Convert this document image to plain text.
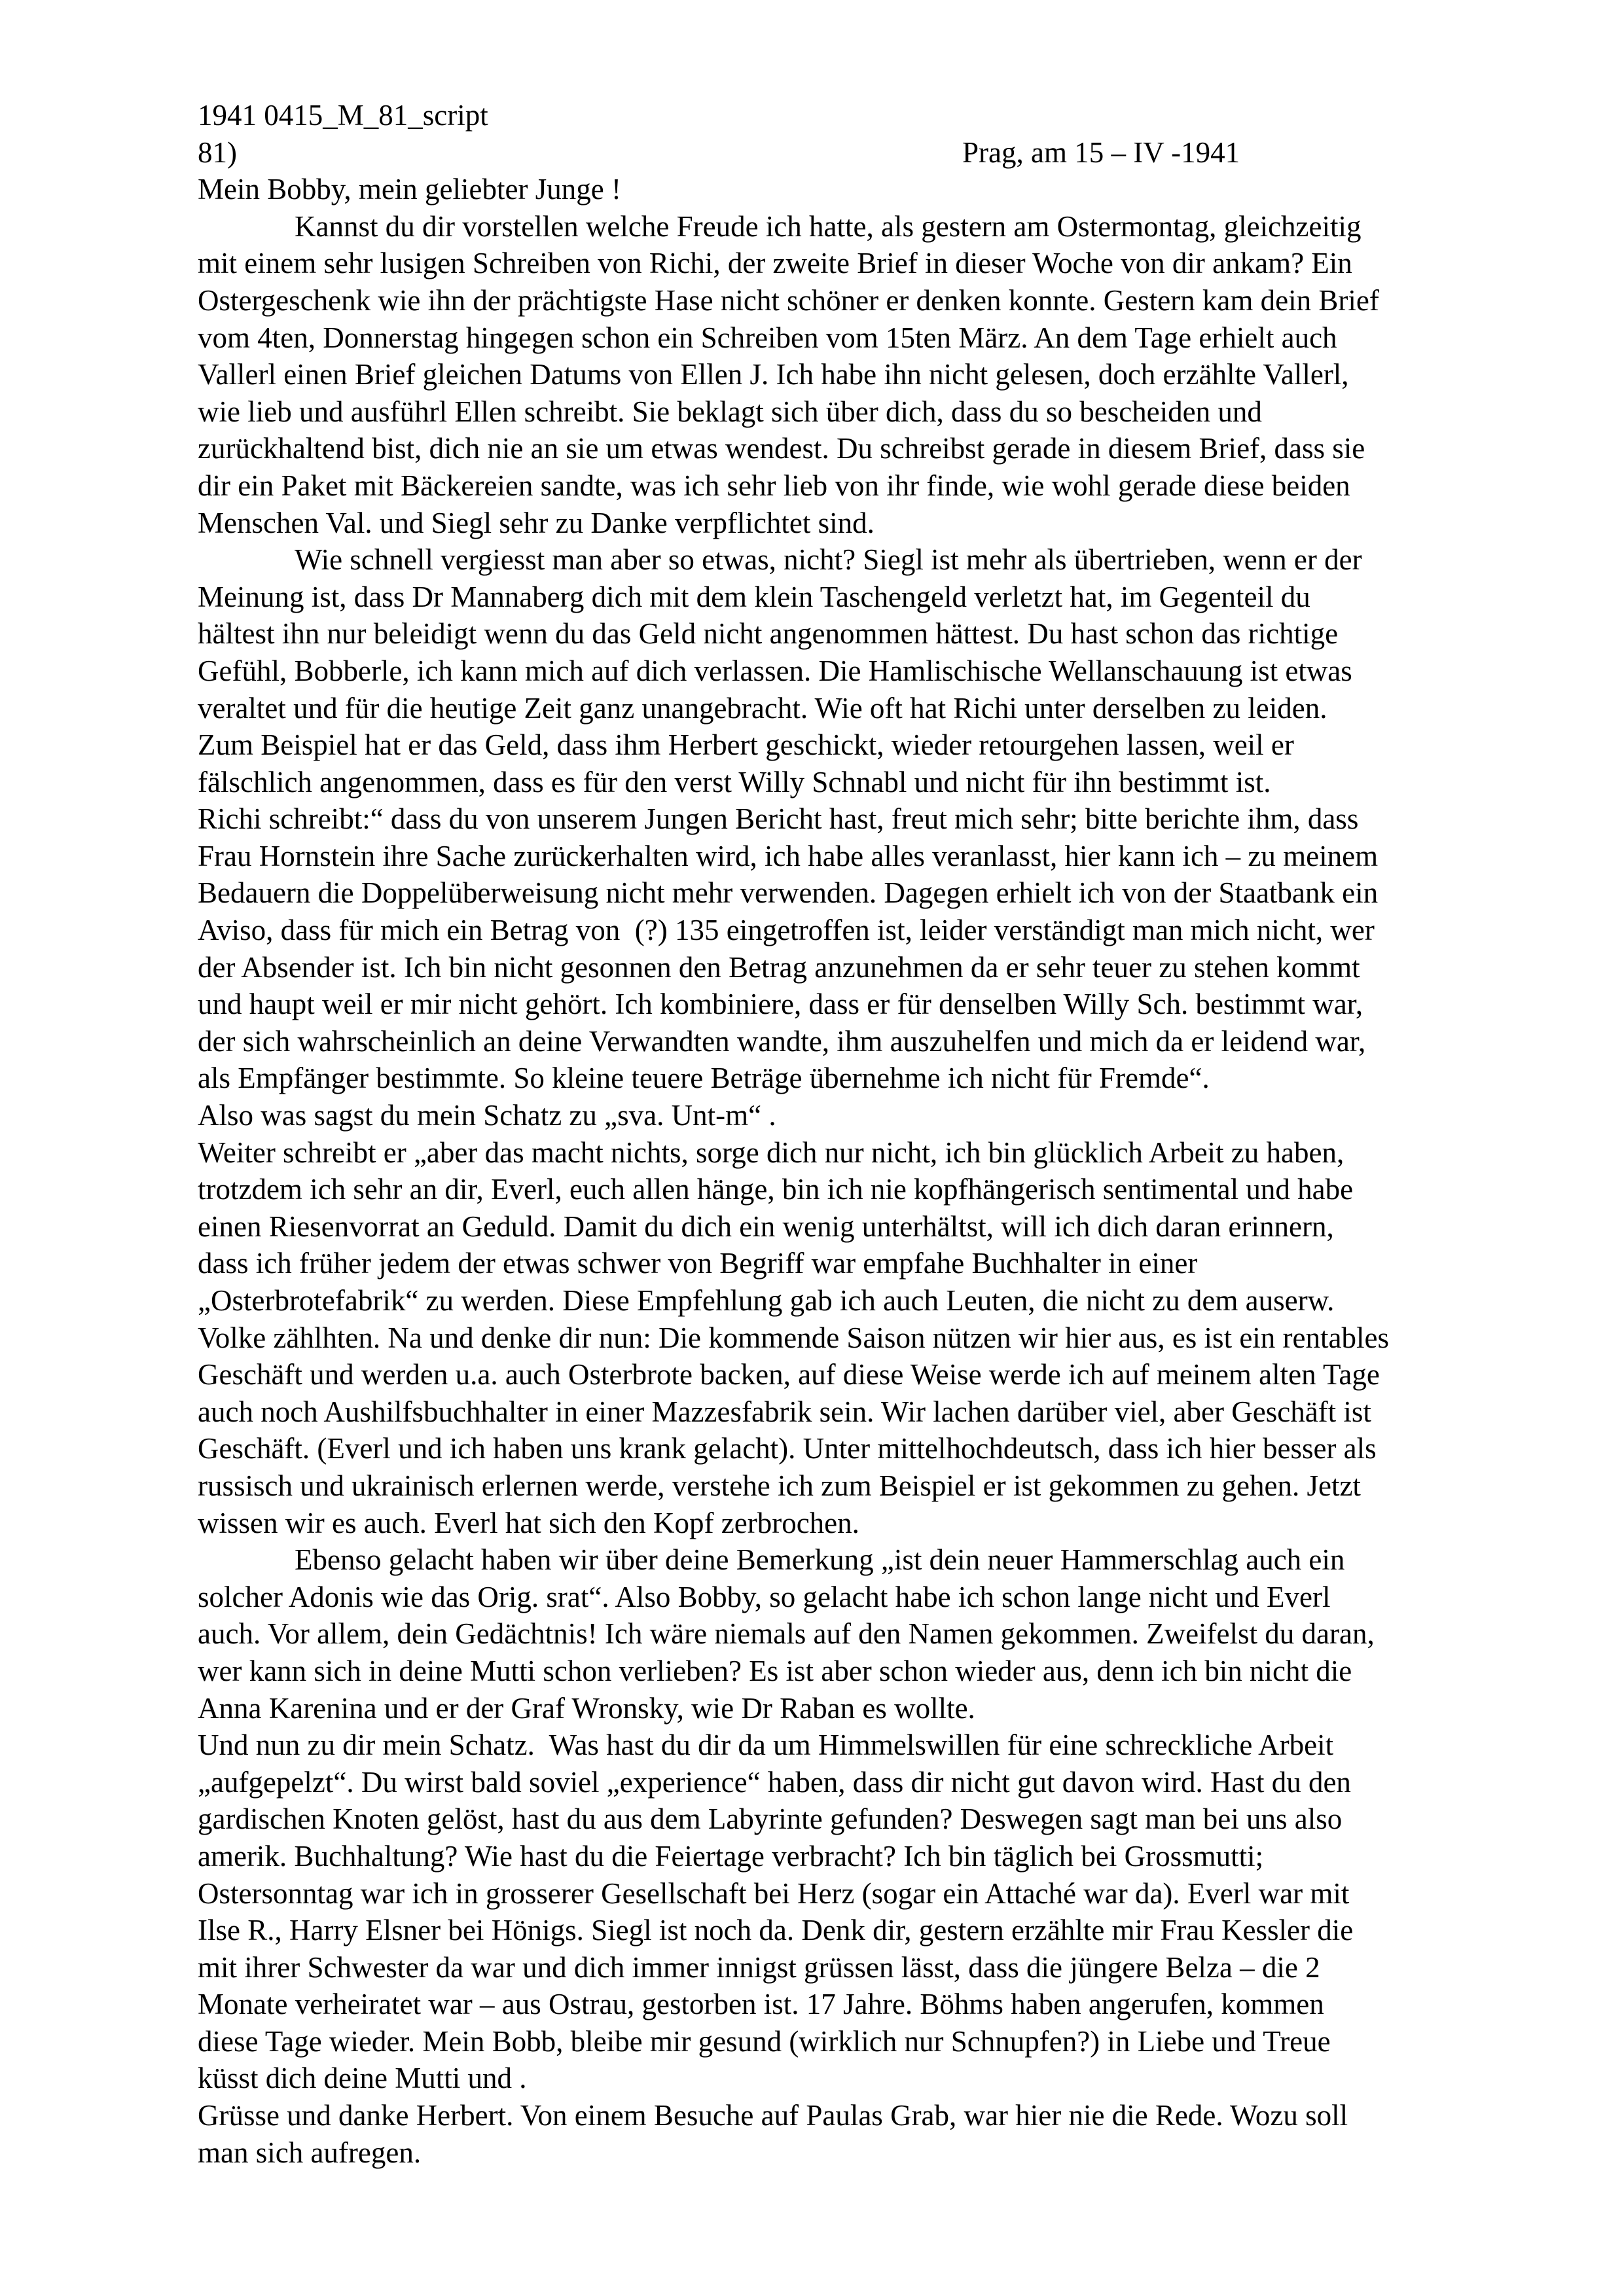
1941 0415_M_81_script
81)	Prag, am 15 – IV -1941
Mein Bobby, mein geliebter Junge !
Kannst du dir vorstellen welche Freude ich hatte, als gestern am Ostermontag, gleichzeitig
mit einem sehr lusigen Schreiben von Richi, der zweite Brief in dieser Woche von dir ankam? Ein
Ostergeschenk wie ihn der prächtigste Hase nicht schöner er denken konnte. Gestern kam dein Brief
vom 4ten, Donnerstag hingegen schon ein Schreiben vom 15ten März. An dem Tage erhielt auch
Vallerl einen Brief gleichen Datums von Ellen J. Ich habe ihn nicht gelesen, doch erzählte Vallerl,
wie lieb und ausführl Ellen schreibt. Sie beklagt sich über dich, dass du so bescheiden und
zurückhaltend bist, dich nie an sie um etwas wendest. Du schreibst gerade in diesem Brief, dass sie
dir ein Paket mit Bäckereien sandte, was ich sehr lieb von ihr finde, wie wohl gerade diese beiden
Menschen Val. und Siegl sehr zu Danke verpflichtet sind.
Wie schnell vergiesst man aber so etwas, nicht? Siegl ist mehr als übertrieben, wenn er der
Meinung ist, dass Dr Mannaberg dich mit dem klein Taschengeld verletzt hat, im Gegenteil du
hältest ihn nur beleidigt wenn du das Geld nicht angenommen hättest. Du hast schon das richtige
Gefühl, Bobberle, ich kann mich auf dich verlassen. Die Hamlischische Wellanschauung ist etwas
veraltet und für die heutige Zeit ganz unangebracht. Wie oft hat Richi unter derselben zu leiden.
Zum Beispiel hat er das Geld, dass ihm Herbert geschickt, wieder retourgehen lassen, weil er
fälschlich angenommen, dass es für den verst Willy Schnabl und nicht für ihn bestimmt ist.
Richi schreibt:“ dass du von unserem Jungen Bericht hast, freut mich sehr; bitte berichte ihm, dass
Frau Hornstein ihre Sache zurückerhalten wird, ich habe alles veranlasst, hier kann ich – zu meinem
Bedauern die Doppelüberweisung nicht mehr verwenden. Dagegen erhielt ich von der Staatbank ein
Aviso, dass für mich ein Betrag von  (?) 135 eingetroffen ist, leider verständigt man mich nicht, wer
der Absender ist. Ich bin nicht gesonnen den Betrag anzunehmen da er sehr teuer zu stehen kommt
und haupt weil er mir nicht gehört. Ich kombiniere, dass er für denselben Willy Sch. bestimmt war,
der sich wahrscheinlich an deine Verwandten wandte, ihm auszuhelfen und mich da er leidend war,
als Empfänger bestimmte. So kleine teuere Beträge übernehme ich nicht für Fremde“.
Also was sagst du mein Schatz zu „sva. Unt-m“ .
Weiter schreibt er „aber das macht nichts, sorge dich nur nicht, ich bin glücklich Arbeit zu haben,
trotzdem ich sehr an dir, Everl, euch allen hänge, bin ich nie kopfhängerisch sentimental und habe
einen Riesenvorrat an Geduld. Damit du dich ein wenig unterhältst, will ich dich daran erinnern,
dass ich früher jedem der etwas schwer von Begriff war empfahe Buchhalter in einer
„Osterbrotefabrik“ zu werden. Diese Empfehlung gab ich auch Leuten, die nicht zu dem auserw.
Volke zählhten. Na und denke dir nun: Die kommende Saison nützen wir hier aus, es ist ein rentables
Geschäft und werden u.a. auch Osterbrote backen, auf diese Weise werde ich auf meinem alten Tage
auch noch Aushilfsbuchhalter in einer Mazzesfabrik sein. Wir lachen darüber viel, aber Geschäft ist
Geschäft. (Everl und ich haben uns krank gelacht). Unter mittelhochdeutsch, dass ich hier besser als
russisch und ukrainisch erlernen werde, verstehe ich zum Beispiel er ist gekommen zu gehen. Jetzt
wissen wir es auch. Everl hat sich den Kopf zerbrochen.
Ebenso gelacht haben wir über deine Bemerkung „ist dein neuer Hammerschlag auch ein
solcher Adonis wie das Orig. srat“. Also Bobby, so gelacht habe ich schon lange nicht und Everl
auch. Vor allem, dein Gedächtnis! Ich wäre niemals auf den Namen gekommen. Zweifelst du daran,
wer kann sich in deine Mutti schon verlieben? Es ist aber schon wieder aus, denn ich bin nicht die
Anna Karenina und er der Graf Wronsky, wie Dr Raban es wollte.
Und nun zu dir mein Schatz.  Was hast du dir da um Himmelswillen für eine schreckliche Arbeit
„aufgepelzt“. Du wirst bald soviel „experience“ haben, dass dir nicht gut davon wird. Hast du den
gardischen Knoten gelöst, hast du aus dem Labyrinte gefunden? Deswegen sagt man bei uns also
amerik. Buchhaltung? Wie hast du die Feiertage verbracht? Ich bin täglich bei Grossmutti;
Ostersonntag war ich in grosserer Gesellschaft bei Herz (sogar ein Attaché war da). Everl war mit
Ilse R., Harry Elsner bei Hönigs. Siegl ist noch da. Denk dir, gestern erzählte mir Frau Kessler die
mit ihrer Schwester da war und dich immer innigst grüssen lässt, dass die jüngere Belza – die 2
Monate verheiratet war – aus Ostrau, gestorben ist. 17 Jahre. Böhms haben angerufen, kommen
diese Tage wieder. Mein Bobb, bleibe mir gesund (wirklich nur Schnupfen?) in Liebe und Treue
küsst dich deine Mutti und .
Grüsse und danke Herbert. Von einem Besuche auf Paulas Grab, war hier nie die Rede. Wozu soll
man sich aufregen.
